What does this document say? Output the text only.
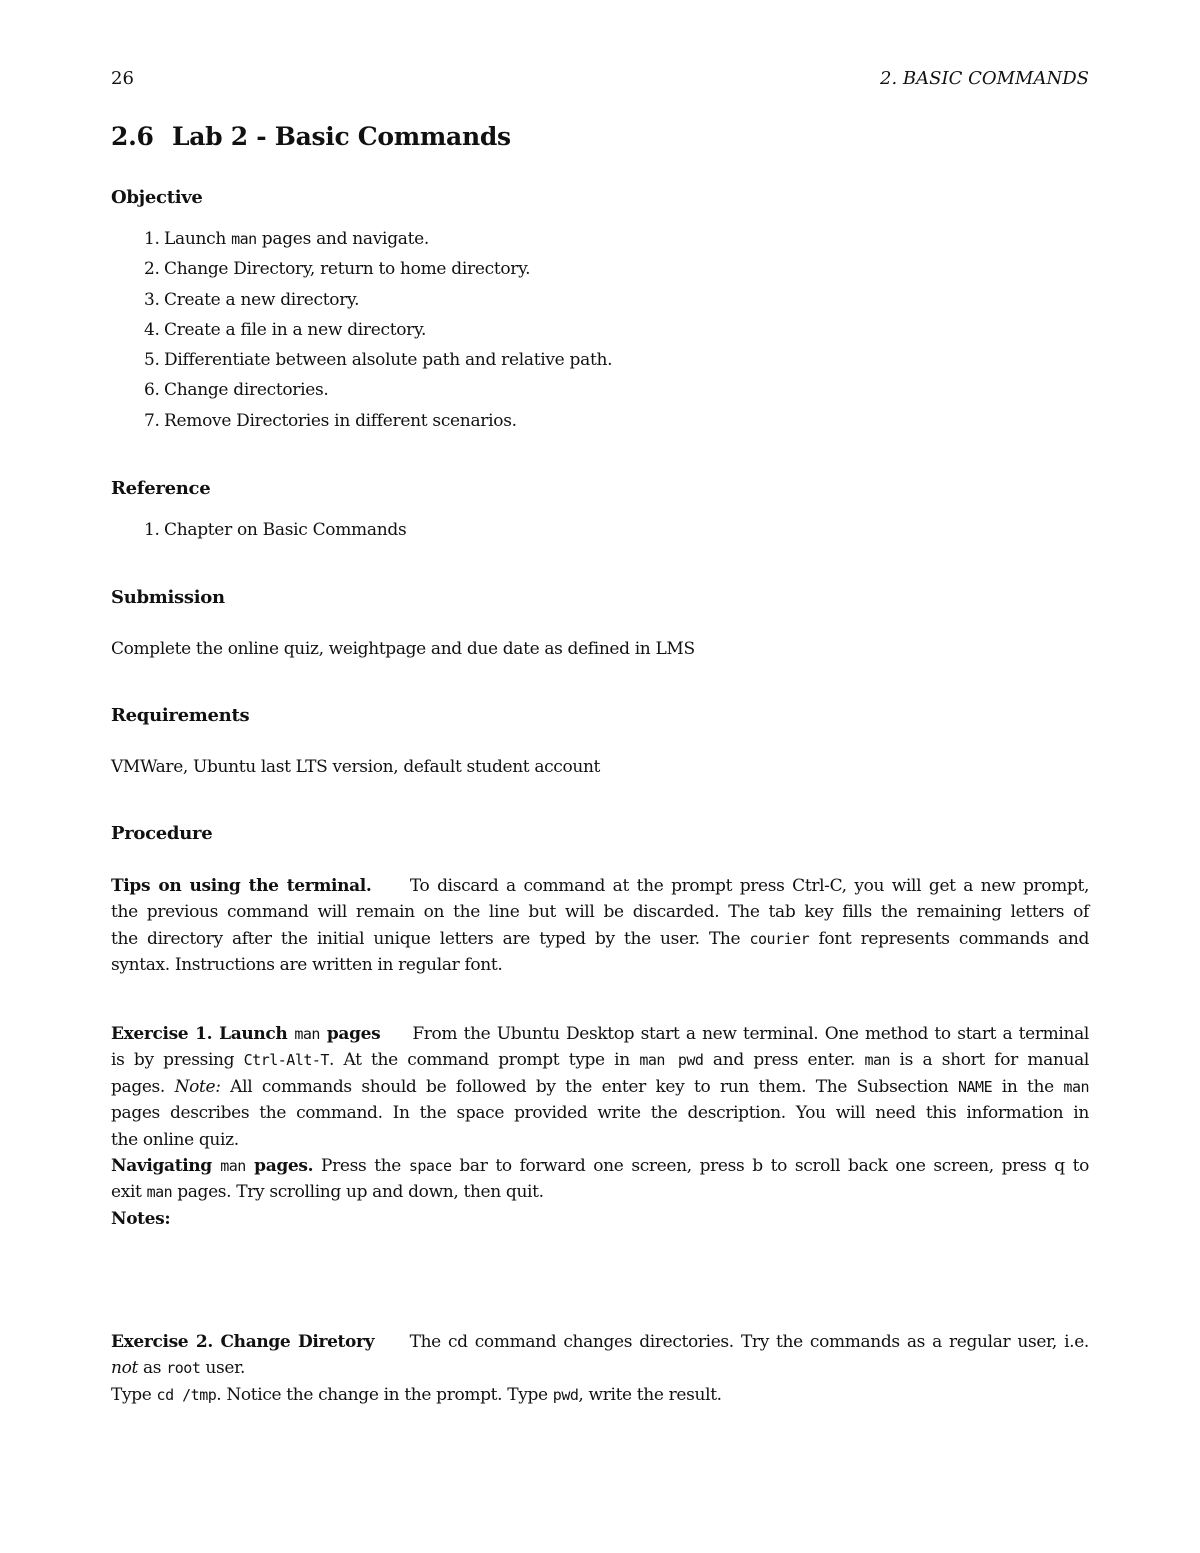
26	2. BASIC COMMANDS
2.6 Lab 2 - Basic Commands
Objective
1. Launch man pages and navigate.
2. Change Directory, return to home directory.
3. Create a new directory.
4. Create a file in a new directory.
5. Differentiate between alsolute path and relative path.
6. Change directories.
7. Remove Directories in different scenarios.
Reference
1. Chapter on Basic Commands
Submission
Complete the online quiz, weightpage and due date as defined in LMS
Requirements
VMWare, Ubuntu last LTS version, default student account
Procedure
Tips on using the terminal. To discard a command at the prompt press Ctrl-C, you will get a new prompt,
the previous command will remain on the line but will be discarded. The tab key fills the remaining letters of
the directory after the initial unique letters are typed by the user. The courier font represents commands and
syntax. Instructions are written in regular font.
Exercise 1. Launch man pages From the Ubuntu Desktop start a new terminal. One method to start a terminal
is by pressing Ctrl-Alt-T. At the command prompt type in man pwd and press enter. man is a short for manual
pages. Note: All commands should be followed by the enter key to run them. The Subsection NAME in the man
pages describes the command. In the space provided write the description. You will need this information in
the online quiz.
Navigating man pages. Press the space bar to forward one screen, press b to scroll back one screen, press q to
exit man pages. Try scrolling up and down, then quit.
Notes:
Exercise 2. Change Diretory The cd command changes directories. Try the commands as a regular user, i.e.
not as root user.
Type cd /tmp. Notice the change in the prompt. Type pwd, write the result.
